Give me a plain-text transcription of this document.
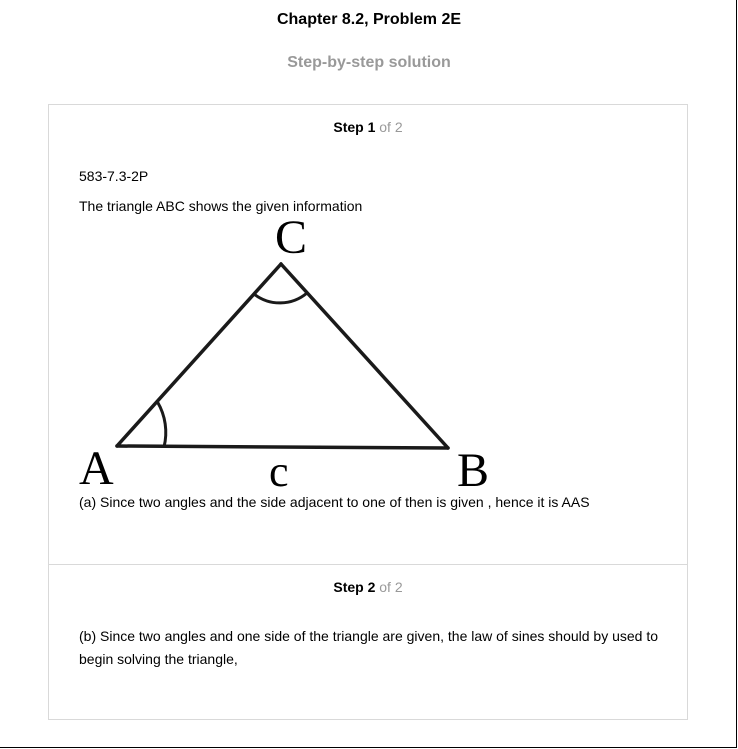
Chapter 8.2, Problem 2E
Step-by-step solution
Step 1 of 2
583-7.3-2P
The triangle ABC shows the given information
C
A	B
c
(a) Since two angles and the side adjacent to one of then is given , hence it is AAS
Step 2 of 2
(b) Since two angles and one side of the triangle are given, the law of sines should by used to begin solving the triangle,
